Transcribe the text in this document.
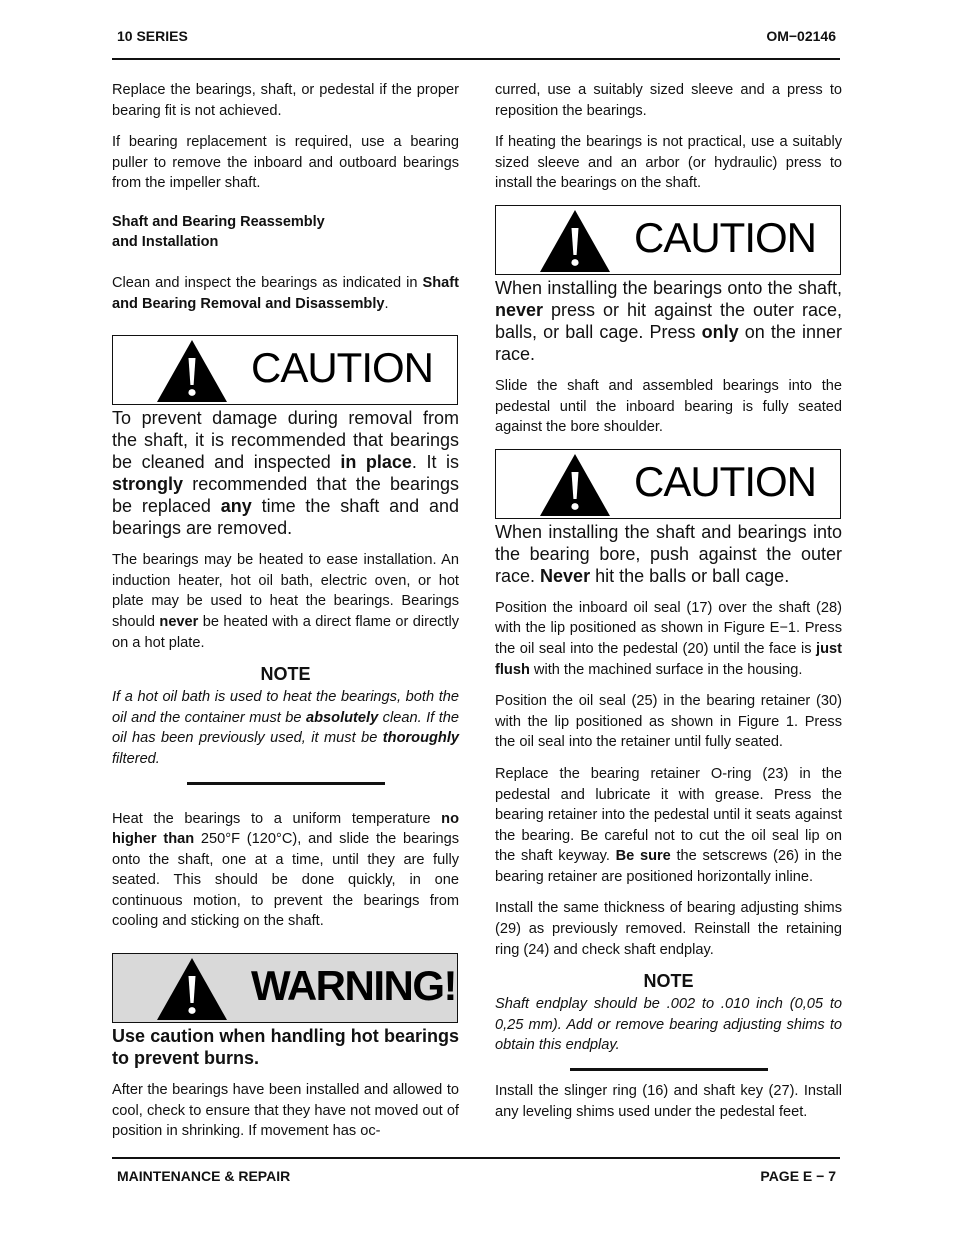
10 SERIES	OM−02146

Replace the bearings, shaft, or pedestal if the proper bearing fit is not achieved.

If bearing replacement is required, use a bearing puller to remove the inboard and outboard bearings from the impeller shaft.

Shaft and Bearing Reassembly
and Installation

Clean and inspect the bearings as indicated in Shaft and Bearing Removal and Disassembly.

CAUTION

To prevent damage during removal from the shaft, it is recommended that bearings be cleaned and inspected in place. It is strongly recommended that the bearings be replaced any time the shaft and and bearings are removed.

The bearings may be heated to ease installation. An induction heater, hot oil bath, electric oven, or hot plate may be used to heat the bearings. Bearings should never be heated with a direct flame or directly on a hot plate.

NOTE

If a hot oil bath is used to heat the bearings, both the oil and the container must be absolutely clean. If the oil has been previously used, it must be thoroughly filtered.

Heat the bearings to a uniform temperature no higher than 250°F (120°C), and slide the bearings onto the shaft, one at a time, until they are fully seated. This should be done quickly, in one continuous motion, to prevent the bearings from cooling and sticking on the shaft.

WARNING!

Use caution when handling hot bearings to prevent burns.

After the bearings have been installed and allowed to cool, check to ensure that they have not moved out of position in shrinking. If movement has oc-

curred, use a suitably sized sleeve and a press to reposition the bearings.

If heating the bearings is not practical, use a suitably sized sleeve and an arbor (or hydraulic) press to install the bearings on the shaft.

CAUTION

When installing the bearings onto the shaft, never press or hit against the outer race, balls, or ball cage. Press only on the inner race.

Slide the shaft and assembled bearings into the pedestal until the inboard bearing is fully seated against the bore shoulder.

CAUTION

When installing the shaft and bearings into the bearing bore, push against the outer race. Never hit the balls or ball cage.

Position the inboard oil seal (17) over the shaft (28) with the lip positioned as shown in Figure E−1. Press the oil seal into the pedestal (20) until the face is just flush with the machined surface in the housing.

Position the oil seal (25) in the bearing retainer (30) with the lip positioned as shown in Figure 1. Press the oil seal into the retainer until fully seated.

Replace the bearing retainer O-ring (23) in the pedestal and lubricate it with grease. Press the bearing retainer into the pedestal until it seats against the bearing. Be careful not to cut the oil seal lip on the shaft keyway. Be sure the setscrews (26) in the bearing retainer are positioned horizontally inline.

Install the same thickness of bearing adjusting shims (29) as previously removed. Reinstall the retaining ring (24) and check shaft endplay.

NOTE

Shaft endplay should be .002 to .010 inch (0,05 to 0,25 mm). Add or remove bearing adjusting shims to obtain this endplay.

Install the slinger ring (16) and shaft key (27). Install any leveling shims used under the pedestal feet.

MAINTENANCE & REPAIR	PAGE E − 7
